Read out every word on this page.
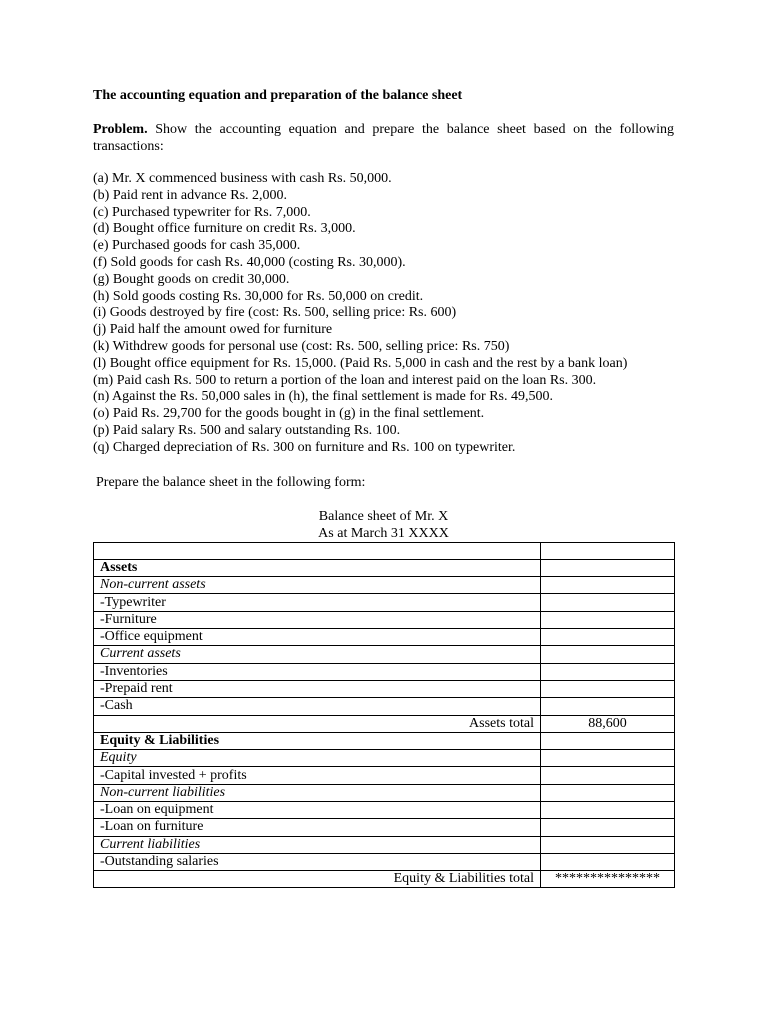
The accounting equation and preparation of the balance sheet

Problem. Show the accounting equation and prepare the balance sheet based on the following transactions:

(a) Mr. X commenced business with cash Rs. 50,000.
(b) Paid rent in advance Rs. 2,000.
(c) Purchased typewriter for Rs. 7,000.
(d) Bought office furniture on credit Rs. 3,000.
(e) Purchased goods for cash 35,000.
(f) Sold goods for cash Rs. 40,000 (costing Rs. 30,000).
(g) Bought goods on credit 30,000.
(h) Sold goods costing Rs. 30,000 for Rs. 50,000 on credit.
(i) Goods destroyed by fire (cost: Rs. 500, selling price: Rs. 600)
(j) Paid half the amount owed for furniture
(k) Withdrew goods for personal use (cost: Rs. 500, selling price: Rs. 750)
(l) Bought office equipment for Rs. 15,000. (Paid Rs. 5,000 in cash and the rest by a bank loan)
(m) Paid cash Rs. 500 to return a portion of the loan and interest paid on the loan Rs. 300.
(n) Against the Rs. 50,000 sales in (h), the final settlement is made for Rs. 49,500.
(o) Paid Rs. 29,700 for the goods bought in (g) in the final settlement.
(p) Paid salary Rs. 500 and salary outstanding Rs. 100.
(q) Charged depreciation of Rs. 300 on furniture and Rs. 100 on typewriter.

Prepare the balance sheet in the following form:

Balance sheet of Mr. X
As at March 31 XXXX

Assets	
Non-current assets	
-Typewriter	
-Furniture	
-Office equipment	
Current assets	
-Inventories	
-Prepaid rent	
-Cash	
Assets total	88,600
Equity & Liabilities	
Equity	
-Capital invested + profits	
Non-current liabilities	
-Loan on equipment	
-Loan on furniture	
Current liabilities	
-Outstanding salaries	
Equity & Liabilities total	***************
